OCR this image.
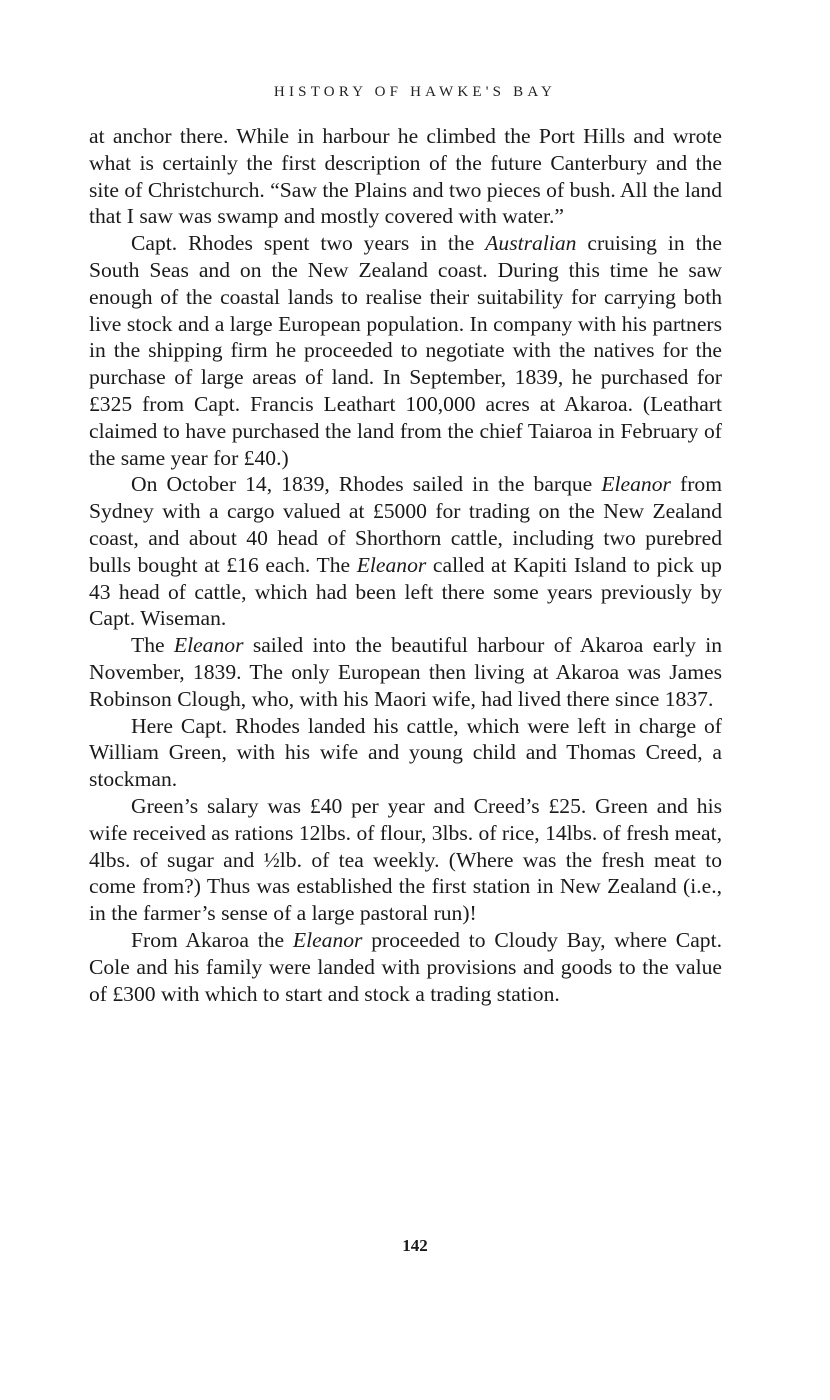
HISTORY OF HAWKE'S BAY

at anchor there. While in harbour he climbed the Port Hills and wrote what is certainly the first description of the future Canterbury and the site of Christchurch. “Saw the Plains and two pieces of bush. All the land that I saw was swamp and mostly covered with water.”

Capt. Rhodes spent two years in the Australian cruising in the South Seas and on the New Zealand coast. During this time he saw enough of the coastal lands to realise their suitability for carrying both live stock and a large European population. In company with his partners in the shipping firm he proceeded to negotiate with the natives for the purchase of large areas of land. In September, 1839, he purchased for £325 from Capt. Francis Leathart 100,000 acres at Akaroa. (Leathart claimed to have purchased the land from the chief Taiaroa in February of the same year for £40.)

On October 14, 1839, Rhodes sailed in the barque Eleanor from Sydney with a cargo valued at £5000 for trading on the New Zealand coast, and about 40 head of Shorthorn cattle, including two purebred bulls bought at £16 each. The Eleanor called at Kapiti Island to pick up 43 head of cattle, which had been left there some years previously by Capt. Wiseman.

The Eleanor sailed into the beautiful harbour of Akaroa early in November, 1839. The only European then living at Akaroa was James Robinson Clough, who, with his Maori wife, had lived there since 1837.

Here Capt. Rhodes landed his cattle, which were left in charge of William Green, with his wife and young child and Thomas Creed, a stockman.

Green’s salary was £40 per year and Creed’s £25. Green and his wife received as rations 12lbs. of flour, 3lbs. of rice, 14lbs. of fresh meat, 4lbs. of sugar and ½lb. of tea weekly. (Where was the fresh meat to come from?) Thus was established the first station in New Zealand (i.e., in the farmer’s sense of a large pastoral run)!

From Akaroa the Eleanor proceeded to Cloudy Bay, where Capt. Cole and his family were landed with provisions and goods to the value of £300 with which to start and stock a trading station.

142
